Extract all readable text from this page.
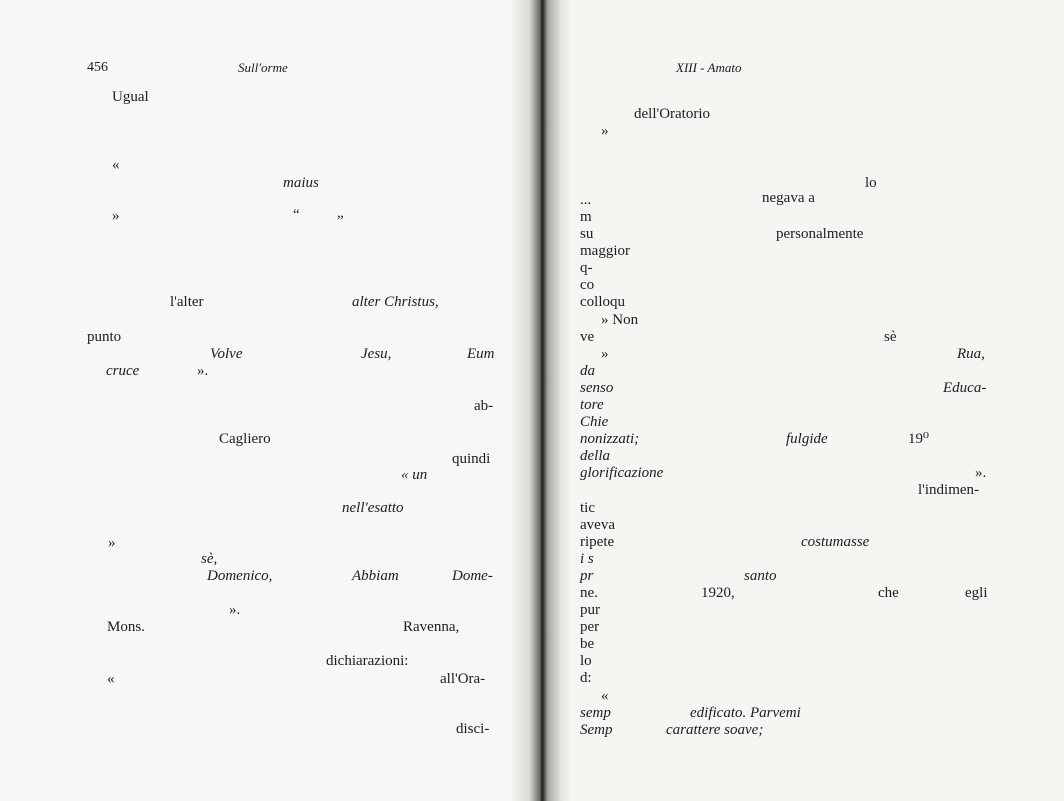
456	Sull'orme
Ugual
«
maius
»	“ ”
l'alter	alter Christus,
punto
Volve	Jesu,	Eum
cruce	».
ab-
Cagliero
quindi
« un
nell'esatto
»
sè,
Domenico,	Abbiam	Dome-
».
Mons.	Ravenna,
dichiarazioni:
«	all'Ora-
disci-
XIII - Amato
dell'Oratorio
»
lo
...	negava a
m
su	personalmente
maggior
q-
co
colloqu
» Non
ve	sè
»	Rua,
da
senso	Educa-
tore
Chie
nonizzati;	fulgide	19⁰
della
glorificazione	».
l'indimen-
tic
aveva
ripete	costumasse
i s
pr	santo
ne.	1920,	che	egli
pur
per
be
lo
d:
«
semp	edificato. Parvemi
Semp	carattere soave;
